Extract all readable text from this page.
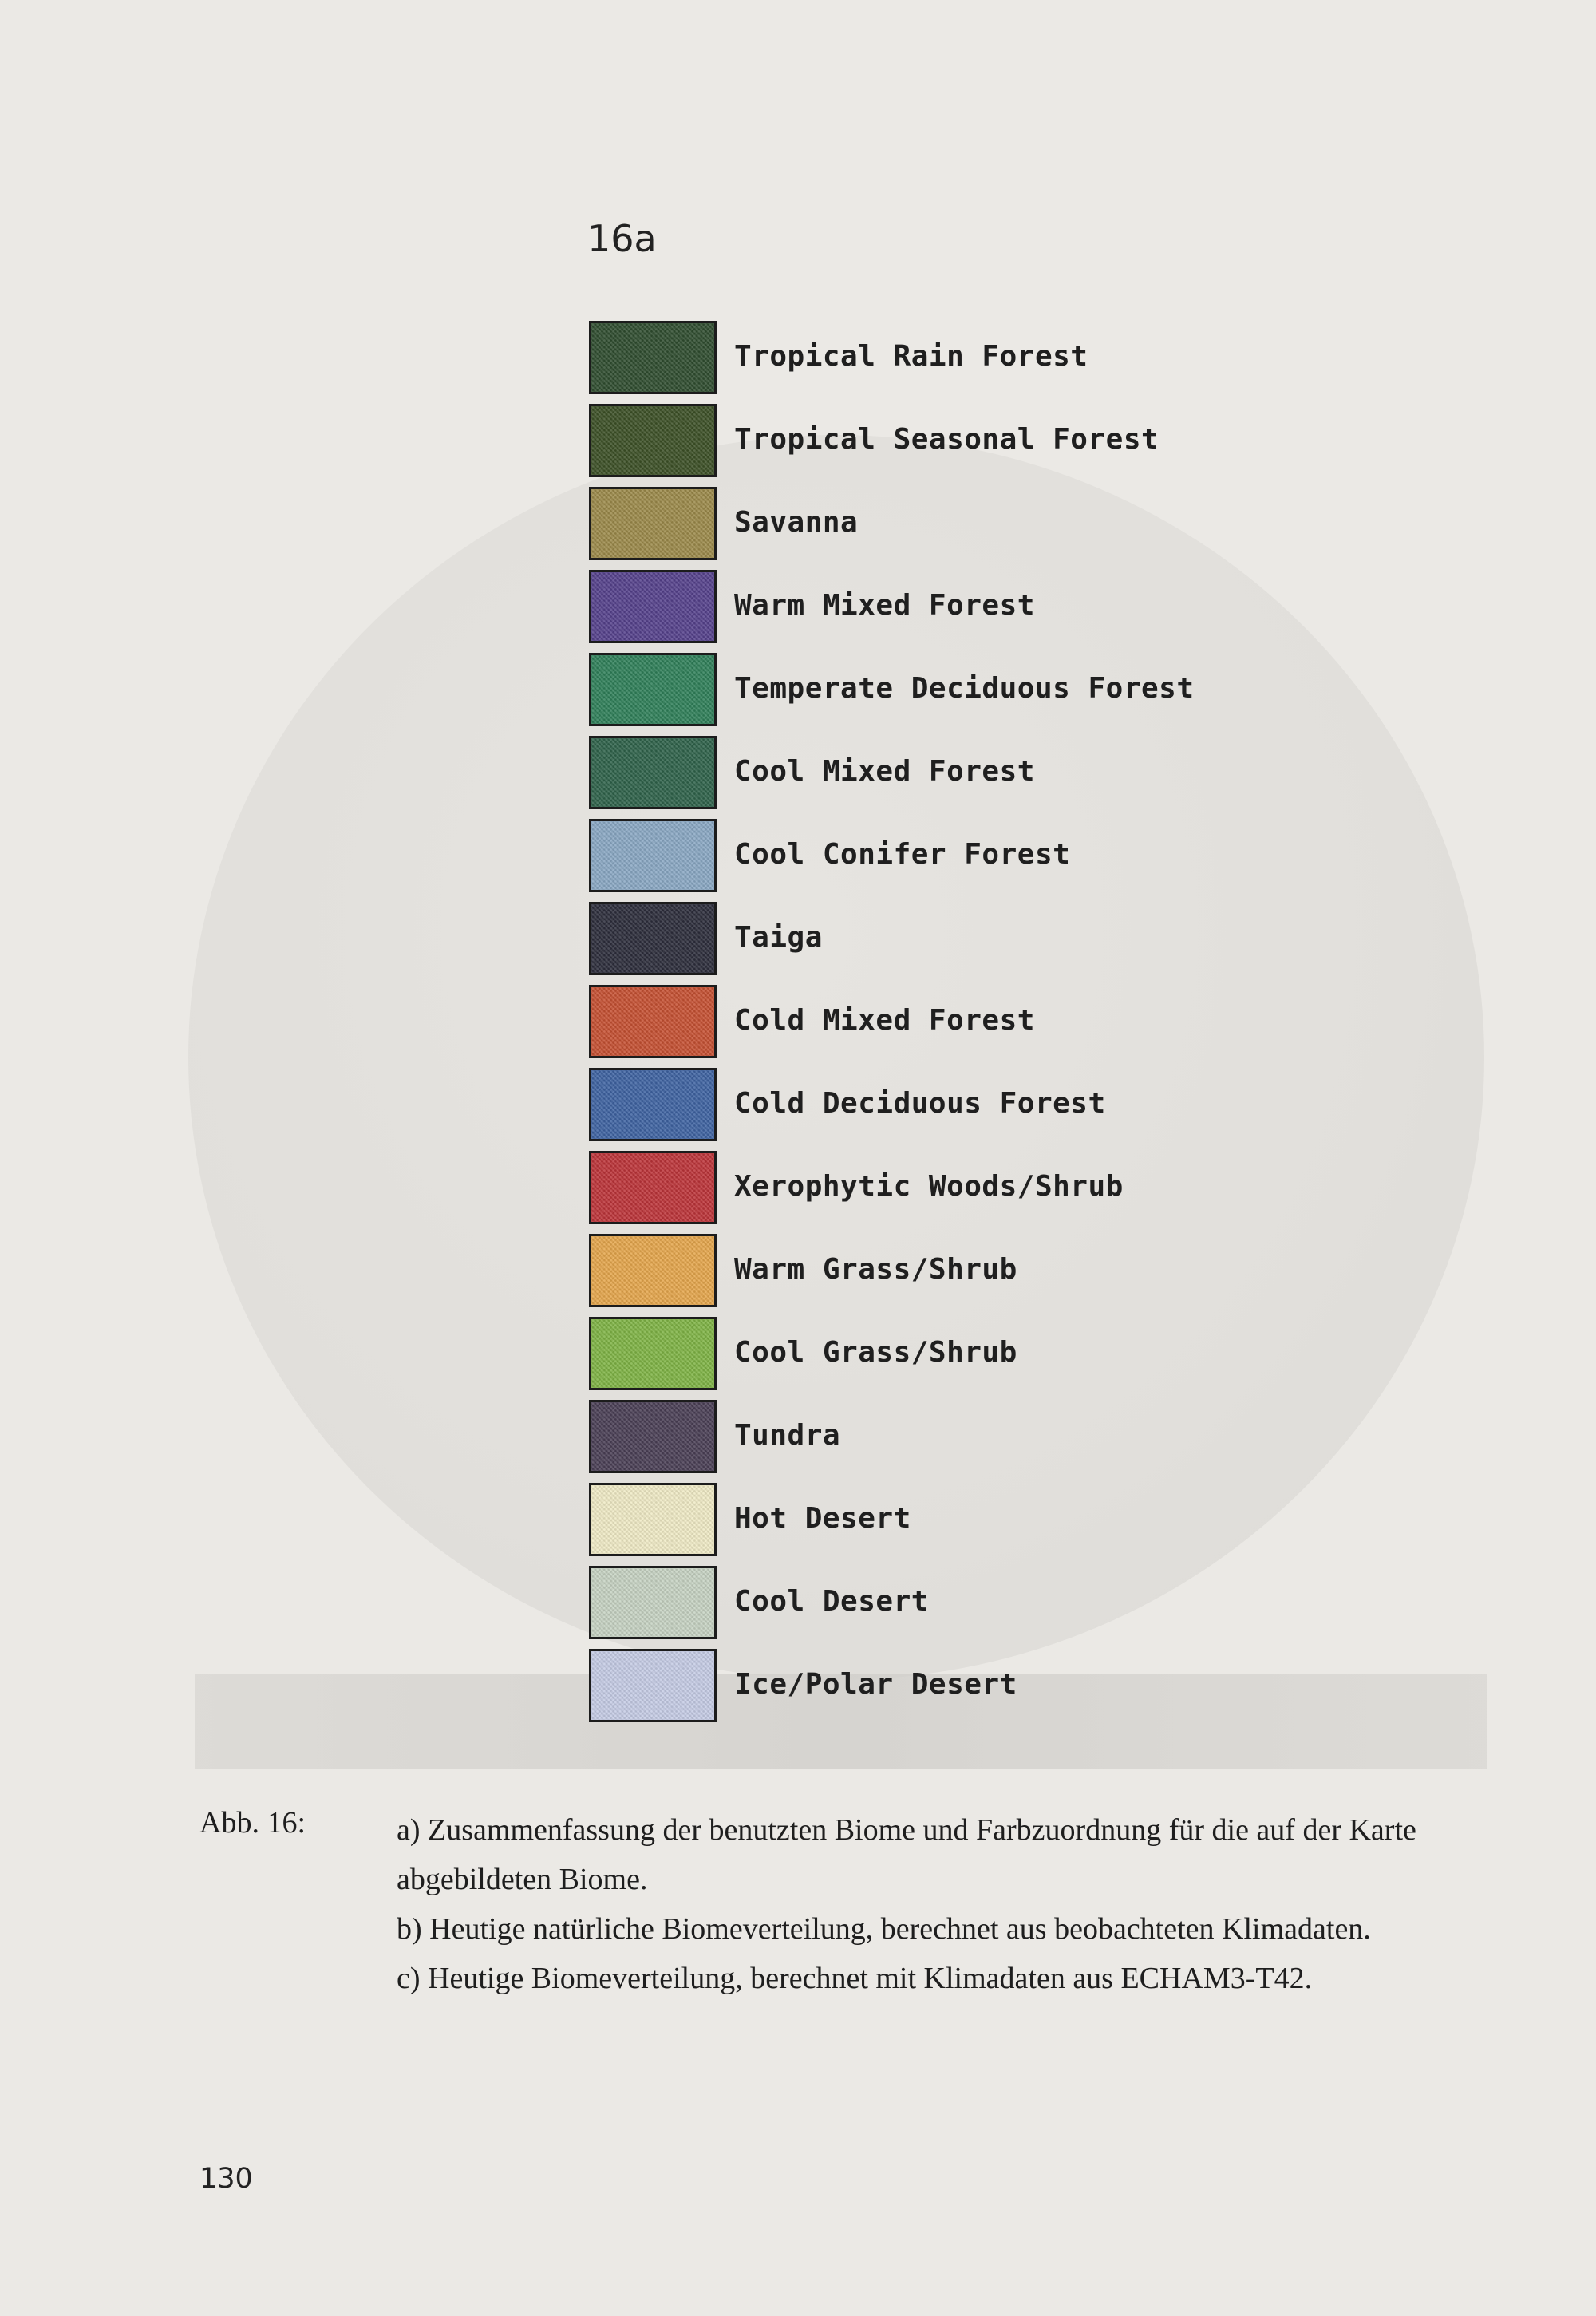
16a
Tropical Rain Forest
Tropical Seasonal Forest
Savanna
Warm Mixed Forest
Temperate Deciduous Forest
Cool Mixed Forest
Cool Conifer Forest
Taiga
Cold Mixed Forest
Cold Deciduous Forest
Xerophytic Woods/Shrub
Warm Grass/Shrub
Cool Grass/Shrub
Tundra
Hot Desert
Cool Desert
Ice/Polar Desert
Abb. 16:	a) Zusammenfassung der benutzten Biome und Farbzuordnung für die auf der Karte abgebildeten Biome.

b) Heutige natürliche Biomeverteilung, berechnet aus beobachteten Klimadaten.

c) Heutige Biomeverteilung, berechnet mit Klimadaten aus ECHAM3-T42.

130
